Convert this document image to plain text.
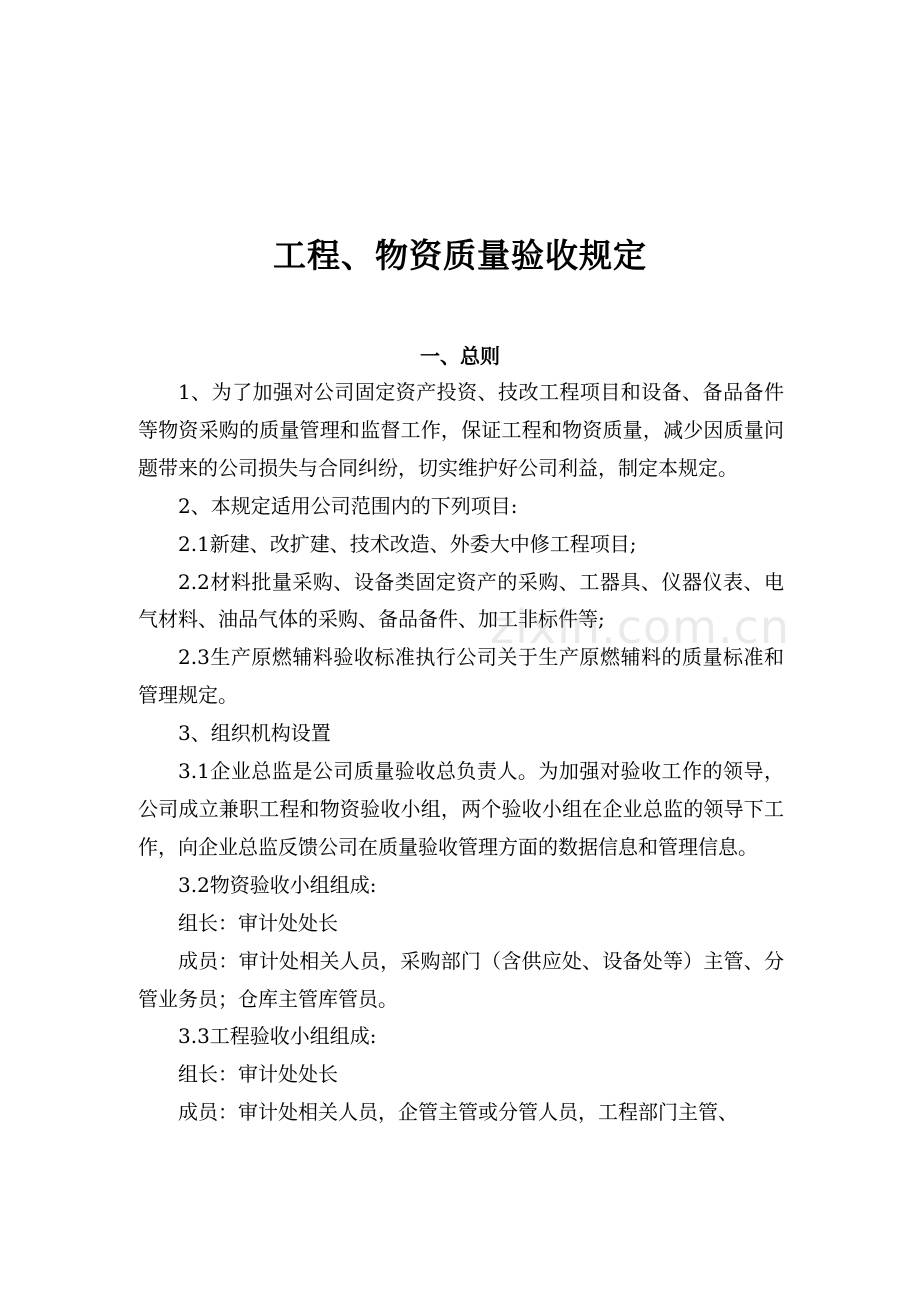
工程、物资质量验收规定
一、总则

1、为了加强对公司固定资产投资、技改工程项目和设备、备品备件等物资采购的质量管理和监督工作，保证工程和物资质量，减少因质量问题带来的公司损失与合同纠纷，切实维护好公司利益，制定本规定。

2、本规定适用公司范围内的下列项目:

2.1新建、改扩建、技术改造、外委大中修工程项目;

2.2材料批量采购、设备类固定资产的采购、工器具、仪器仪表、电气材料、油品气体的采购、备品备件、加工非标件等;

2.3生产原燃辅料验收标准执行公司关于生产原燃辅料的质量标准和管理规定。

3、组织机构设置

3.1企业总监是公司质量验收总负责人。为加强对验收工作的领导，公司成立兼职工程和物资验收小组，两个验收小组在企业总监的领导下工作，向企业总监反馈公司在质量验收管理方面的数据信息和管理信息。

3.2物资验收小组组成:

组长：审计处处长

成员：审计处相关人员，采购部门（含供应处、设备处等）主管、分管业务员；仓库主管库管员。

3.3工程验收小组组成:

组长：审计处处长

成员：审计处相关人员，企管主管或分管人员，工程部门主管、

zixin.com.cn
